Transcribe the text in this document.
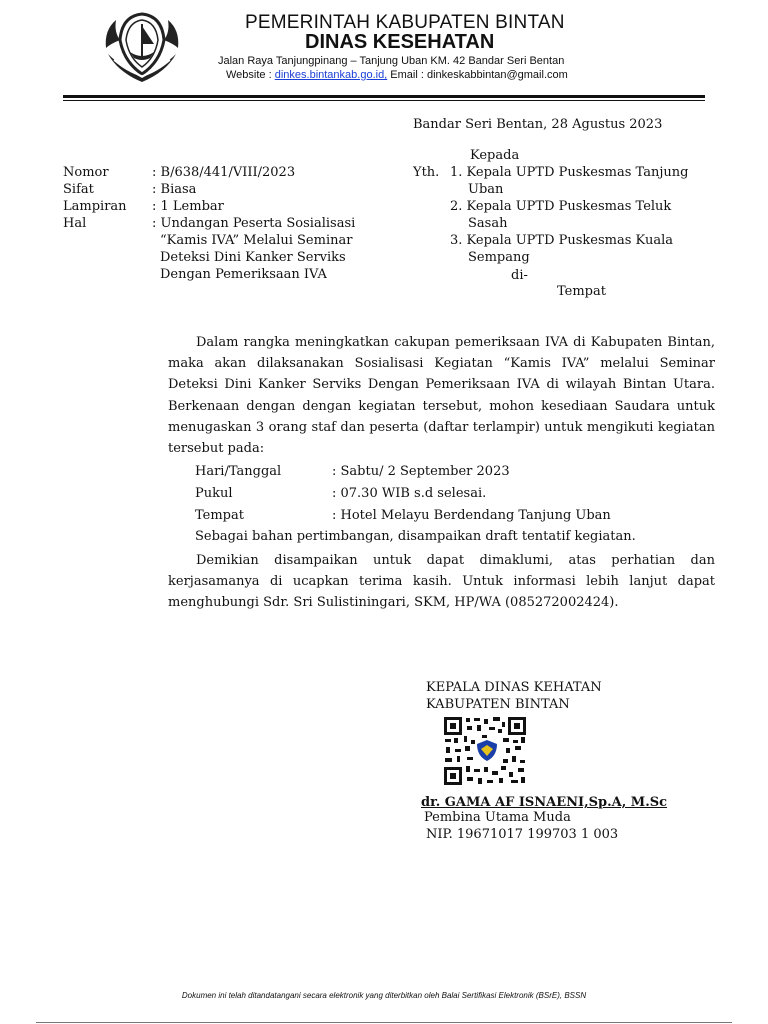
PEMERINTAH KABUPATEN BINTAN
DINAS KESEHATAN
Jalan Raya Tanjungpinang – Tanjung Uban KM. 42 Bandar Seri Bentan
Website : dinkes.bintankab.go.id, Email : dinkeskabbintan@gmail.com
Bandar Seri Bentan, 28 Agustus 2023
Kepada
Nomor	: B/638/441/VIII/2023
Sifat	: Biasa
Lampiran : 1 Lembar
Hal	: Undangan Peserta Sosialisasi
“Kamis IVA” Melalui Seminar
Deteksi Dini Kanker Serviks
Dengan Pemeriksaan IVA
Yth. 1. Kepala UPTD Puskesmas Tanjung
Uban
2. Kepala UPTD Puskesmas Teluk
Sasah
3. Kepala UPTD Puskesmas Kuala
Sempang
di-
Tempat
Dalam rangka meningkatkan cakupan pemeriksaan IVA di Kabupaten Bintan, maka akan dilaksanakan Sosialisasi Kegiatan “Kamis IVA” melalui Seminar Deteksi Dini Kanker Serviks Dengan Pemeriksaan IVA di wilayah Bintan Utara. Berkenaan dengan dengan kegiatan tersebut, mohon kesediaan Saudara untuk menugaskan 3 orang staf dan peserta (daftar terlampir) untuk mengikuti kegiatan tersebut pada:
Hari/Tanggal	: Sabtu/ 2 September 2023
Pukul	: 07.30 WIB s.d selesai.
Tempat	: Hotel Melayu Berdendang Tanjung Uban
Sebagai bahan pertimbangan, disampaikan draft tentatif kegiatan.
Demikian disampaikan untuk dapat dimaklumi, atas perhatian dan kerjasamanya di ucapkan terima kasih. Untuk informasi lebih lanjut dapat menghubungi Sdr. Sri Sulistiningari, SKM, HP/WA (085272002424).
KEPALA DINAS KEHATAN
KABUPATEN BINTAN
dr. GAMA AF ISNAENI,Sp.A, M.Sc
Pembina Utama Muda
NIP. 19671017 199703 1 003
Dokumen ini telah ditandatangani secara elektronik yang diterbitkan oleh Balai Sertifikasi Elektronik (BSrE), BSSN
